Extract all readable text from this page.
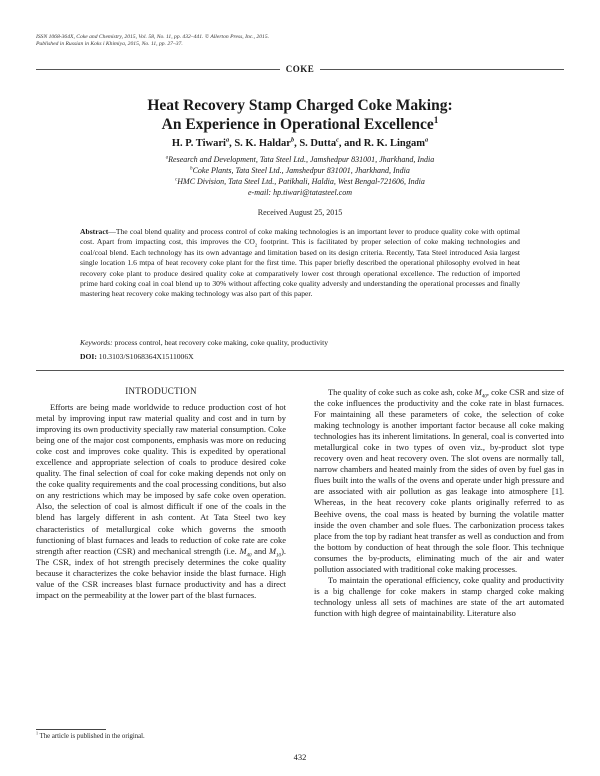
ISSN 1068-364X, Coke and Chemistry, 2015, Vol. 58, No. 11, pp. 432–441. © Allerton Press, Inc., 2015.
Published in Russian in Koks i Khimiya, 2015, No. 11, pp. 27–37.
COKE
Heat Recovery Stamp Charged Coke Making:
An Experience in Operational Excellence$^1$
H. P. Tiwari$^a$, S. K. Haldar$^b$, S. Dutta$^c$, and R. K. Lingam$^a$
$^a$Research and Development, Tata Steel Ltd., Jamshedpur 831001, Jharkhand, India
$^b$Coke Plants, Tata Steel Ltd., Jamshedpur 831001, Jharkhand, India
$^c$HMC Division, Tata Steel Ltd., Patikhali, Haldia, West Bengal-721606, India
e-mail: hp.tiwari@tatasteel.com
Received August 25, 2015
Abstract—The coal blend quality and process control of coke making technologies is an important lever to produce quality coke with optimal cost. Apart from impacting cost, this improves the $CO_2$ footprint. This is facilitated by proper selection of coke making technologies and coal/coal blend. Each technology has its own advantage and limitation based on its design criteria. Recently, Tata Steel introduced Asia largest single location 1.6 mtpa of heat recovery coke plant for the first time. This paper briefly described the operational philosophy evolved in heat recovery coke plant to produce desired quality coke at comparatively lower cost through operational excellence. The reduction of imported prime hard coking coal in coal blend up to 30% without affecting coke quality adversly and understanding the operational processes and finally mastering heat recovery coke making technology was also part of this paper.
Keywords: process control, heat recovery coke making, coke quality, productivity
DOI: 10.3103/S1068364X1511006X
INTRODUCTION

Efforts are being made worldwide to reduce production cost of hot metal by improving input raw material quality and cost and in turn by improving its own productivity specially raw material consumption. Coke being one of the major cost components, emphasis was more on reducing coke cost and improves coke quality. This is expedited by operational excellence and appropriate selection of coals to produce desired coke quality. The final selection of coal for coke making depends not only on the coke quality requirements and the coal processing conditions, but also on any restrictions which may be imposed by safe coke oven operation. Also, the selection of coal is almost difficult if one of the coals in the blend has largely different in ash content. At Tata Steel two key characteristics of metallurgical coke which governs the smooth functioning of blast furnaces and leads to reduction of coke rate are coke strength after reaction (CSR) and mechanical strength (i.e. $M_{40}$ and $M_{10}$). The CSR, index of hot strength precisely determines the coke quality because it characterizes the coke behavior inside the blast furnace. High value of the CSR increases blast furnace productivity and has a direct impact on the permeability at the lower part of the blast furnaces.

The quality of coke such as coke ash, coke $M_{40}$, coke CSR and size of the coke influences the productivity and the coke rate in blast furnaces. For maintaining all these parameters of coke, the selection of coke making technology is another important factor because all coke making technologies has its inherent limitations. In general, coal is converted into metallurgical coke in two types of oven viz., by-product slot type recovery oven and heat recovery oven. The slot ovens are normally tall, narrow chambers and heated mainly from the sides of oven by fuel gas in flues built into the walls of the ovens and operate under high pressure and are associated with air pollution as gas leakage into atmosphere [1]. Whereas, in the heat recovery coke plants originally referred to as Beehive ovens, the coal mass is heated by burning the volatile matter inside the oven chamber and sole flues. The carbonization process takes place from the top by radiant heat transfer as well as conduction and from the bottom by conduction of heat through the sole floor. This technique consumes the by-products, eliminating much of the air and water pollution associated with traditional coke making processes.

To maintain the operational efficiency, coke quality and productivity is a big challenge for coke makers in stamp charged coke making technology unless all sets of machines are state of the art automated function with high degree of maintainability. Literature also

$^1$ The article is published in the original.
432
